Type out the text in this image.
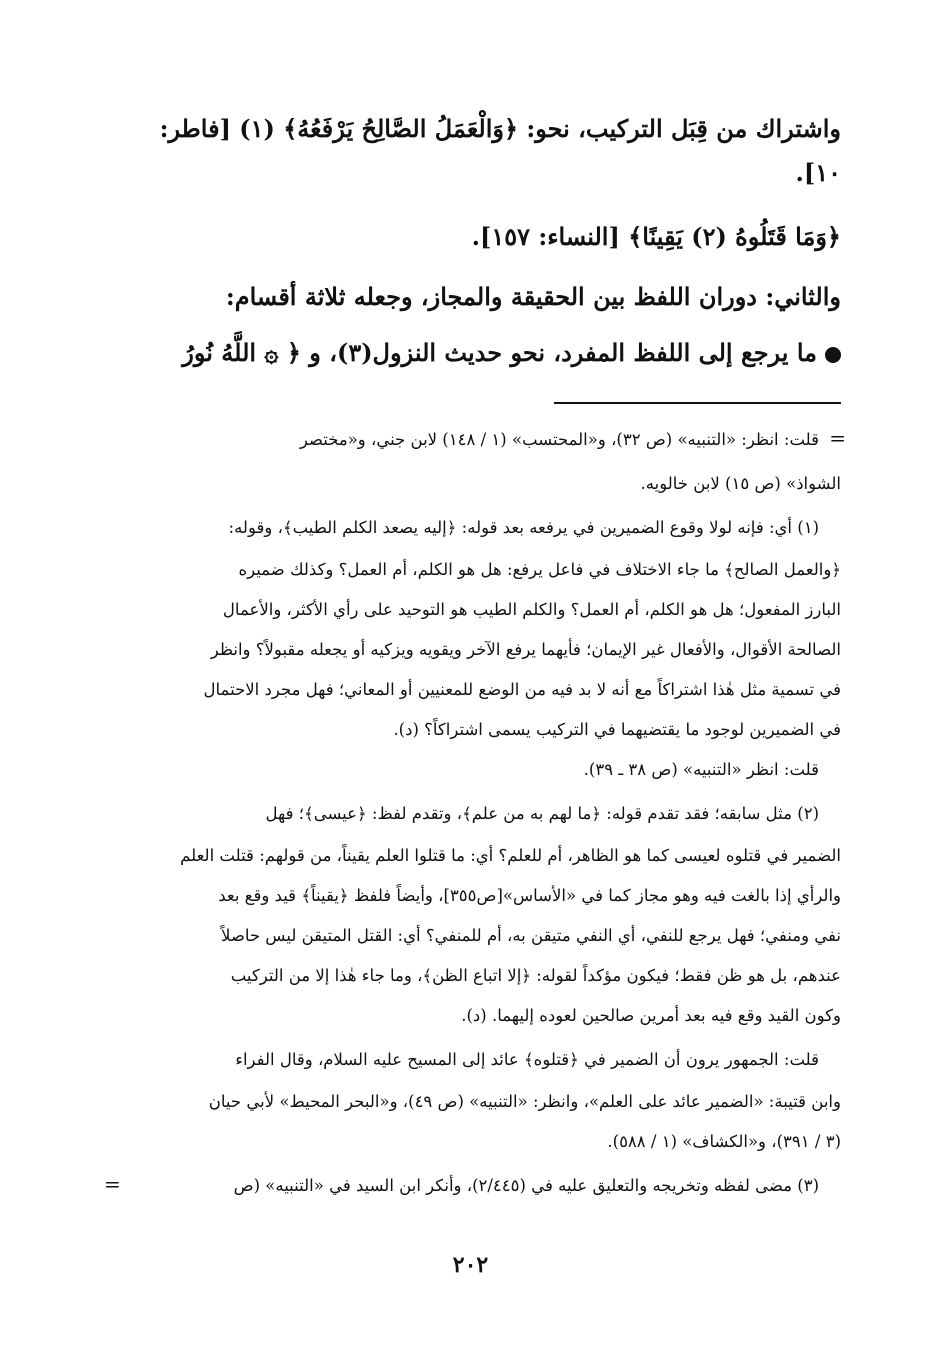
واشتراك من قِبَل التركيب، نحو: ﴿وَالْعَمَلُ الصَّالِحُ يَرْفَعُهُ﴾ (١) [فاطر:
١٠].
﴿وَمَا قَتَلُوهُ (٢) يَقِينًا﴾ [النساء: ١٥٧].
والثاني: دوران اللفظ بين الحقيقة والمجاز، وجعله ثلاثة أقسام:
ما يرجع إلى اللفظ المفرد، نحو حديث النزول(٣)، و ﴿ ۞ اللَّهُ نُورُ
=
قلت: انظر: «التنبيه» (ص ٣٢)، و«المحتسب» (١ / ١٤٨) لابن جني، و«مختصر
الشواذ» (ص ١٥) لابن خالويه.
(١) أي: فإنه لولا وقوع الضميرين في يرفعه بعد قوله: ﴿إليه يصعد الكلم الطيب﴾، وقوله:
﴿والعمل الصالح﴾ ما جاء الاختلاف في فاعل يرفع: هل هو الكلم، أم العمل؟ وكذلك ضميره
البارز المفعول؛ هل هو الكلم، أم العمل؟ والكلم الطيب هو التوحيد على رأي الأكثر، والأعمال
الصالحة الأقوال، والأفعال غير الإيمان؛ فأيهما يرفع الآخر ويقويه ويزكيه أو يجعله مقبولاً؟ وانظر
في تسمية مثل هٰذا اشتراكاً مع أنه لا بد فيه من الوضع للمعنيين أو المعاني؛ فهل مجرد الاحتمال
في الضميرين لوجود ما يقتضيهما في التركيب يسمى اشتراكاً؟ (د).
قلت: انظر «التنبيه» (ص ٣٨ ـ ٣٩).
(٢) مثل سابقه؛ فقد تقدم قوله: ﴿ما لهم به من علم﴾، وتقدم لفظ: ﴿عيسى﴾؛ فهل
الضمير في قتلوه لعيسى كما هو الظاهر، أم للعلم؟ أي: ما قتلوا العلم يقيناً، من قولهم: قتلت العلم
والرأي إذا بالغت فيه وهو مجاز كما في «الأساس»[ص٣٥٥]، وأيضاً فلفظ ﴿يقيناً﴾ قيد وقع بعد
نفي ومنفي؛ فهل يرجع للنفي، أي النفي متيقن به، أم للمنفي؟ أي: القتل المتيقن ليس حاصلاً
عندهم، بل هو ظن فقط؛ فيكون مؤكداً لقوله: ﴿إلا اتباع الظن﴾، وما جاء هٰذا إلا من التركيب
وكون القيد وقع فيه بعد أمرين صالحين لعوده إليهما. (د).
قلت: الجمهور يرون أن الضمير في ﴿قتلوه﴾ عائد إلى المسيح عليه السلام، وقال الفراء
وابن قتيبة: «الضمير عائد على العلم»، وانظر: «التنبيه» (ص ٤٩)، و«البحر المحيط» لأبي حيان
(٣ / ٣٩١)، و«الكشاف» (١ / ٥٨٨).
(٣) مضى لفظه وتخريجه والتعليق عليه في (٢/٤٤٥)، وأنكر ابن السيد في «التنبيه» (ص
=
٢٠٢
